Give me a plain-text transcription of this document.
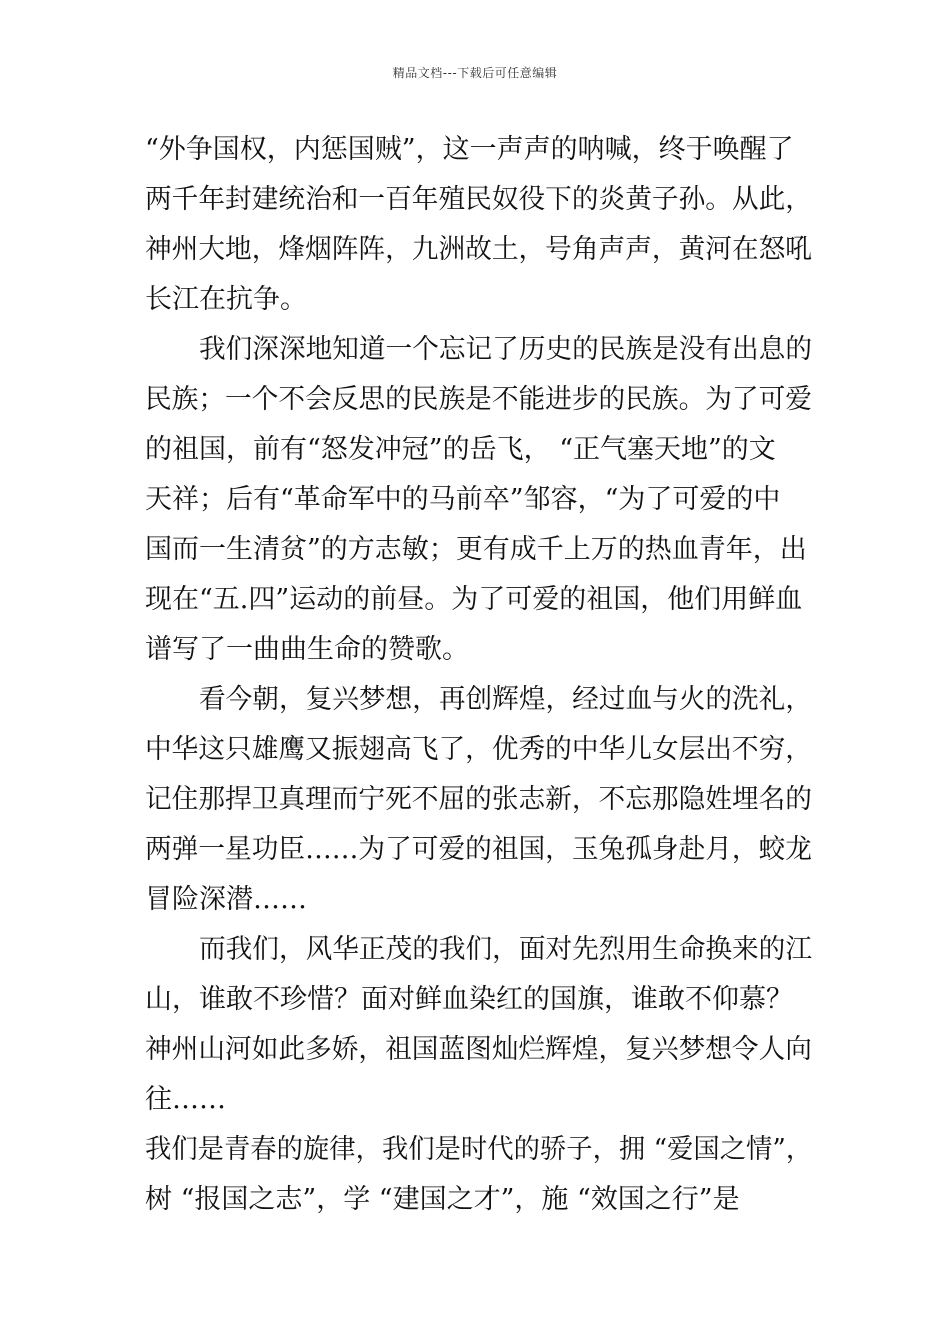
精品文档---下载后可任意编辑
“外争国权，内惩国贼”，这一声声的呐喊，终于唤醒了
两千年封建统治和一百年殖民奴役下的炎黄子孙。从此，
神州大地，烽烟阵阵，九洲故土，号角声声，黄河在怒吼
长江在抗争。
我们深深地知道一个忘记了历史的民族是没有出息的
民族；一个不会反思的民族是不能进步的民族。为了可爱
的祖国，前有“怒发冲冠”的岳飞， “正气塞天地”的文
天祥；后有“革命军中的马前卒”邹容，“为了可爱的中
国而一生清贫”的方志敏；更有成千上万的热血青年，出
现在“五.四”运动的前昼。为了可爱的祖国，他们用鲜血
谱写了一曲曲生命的赞歌。
看今朝，复兴梦想，再创辉煌，经过血与火的洗礼，
中华这只雄鹰又振翅高飞了，优秀的中华儿女层出不穷，
记住那捍卫真理而宁死不屈的张志新，不忘那隐姓埋名的
两弹一星功臣……为了可爱的祖国，玉兔孤身赴月，蛟龙
冒险深潜……
而我们，风华正茂的我们，面对先烈用生命换来的江
山，谁敢不珍惜？面对鲜血染红的国旗，谁敢不仰慕？
神州山河如此多娇，祖国蓝图灿烂辉煌，复兴梦想令人向
往……
我们是青春的旋律，我们是时代的骄子，拥 “爱国之情”，
树 “报国之志”，学 “建国之才”，施 “效国之行”是
